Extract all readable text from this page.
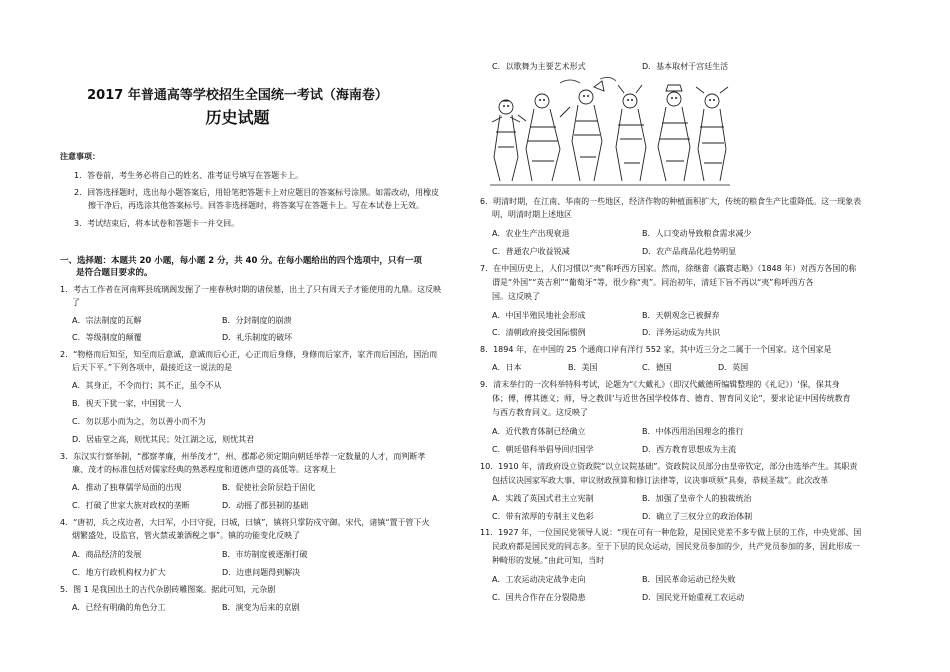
2017 年普通高等学校招生全国统一考试（海南卷）
历史试题
注意事项：
1．答卷前，考生务必将自己的姓名、准考证号填写在答题卡上。
2．回答选择题时，选出每小题答案后，用铅笔把答题卡上对应题目的答案标号涂黑。如需改动，用橡皮
擦干净后，再选涂其他答案标号。回答非选择题时，将答案写在答题卡上。写在本试卷上无效。
3．考试结束后，将本试卷和答题卡一并交回。
一、选择题：本题共 20 小题，每小题 2 分，共 40 分。在每小题给出的四个选项中，只有一项
是符合题目要求的。
1．考古工作者在河南辉县琉璃阁发掘了一座春秋时期的诸侯墓，出土了只有周天子才能使用的九鼎。这反映
了
A．宗法制度的瓦解	B．分封制度的崩溃
C．等级制度的颠覆	D．礼乐制度的破坏
2．“物格而后知至，知至而后意诚，意诚而后心正，心正而后身修，身修而后家齐，家齐而后国治，国治而
后天下平。”下列各项中，最接近这一说法的是
A．其身正，不令而行；其不正，虽令不从
B．视天下犹一家，中国犹一人
C．勿以恶小而为之，勿以善小而不为
D．居庙堂之高，则忧其民；处江湖之远，则忧其君
3．东汉实行察举制，“郡察孝廉，州举茂才”，州、郡都必须定期向朝廷举荐一定数量的人才，而判断孝
廉、茂才的标准包括对儒家经典的熟悉程度和道德声望的高低等。这客观上
A．推动了独尊儒学局面的出现	B．促使社会阶层趋于固化
C．打破了世家大族对政权的垄断	D．动摇了郡县制的基础
4．“唐初，兵之戍边者，大曰军，小曰守捉，曰城，曰镇”，镇将只掌防戍守御。宋代，诸镇“置于管下火
烟繁盛处，设监官，管火禁或兼酒税之事”。镇的功能变化反映了
A．商品经济的发展	B．市坊制度被逐渐打破
C．地方行政机构权力扩大	D．边患问题得到解决
5．图 1 是我国出土的古代杂剧砖雕图案。据此可知，元杂剧
A．已经有明确的角色分工	B．演变为后来的京剧
C．以歌舞为主要艺术形式	D．基本取材于宫廷生活
6．明清时期，在江南、华南的一些地区，经济作物的种植面积扩大，传统的粮食生产比重降低。这一现象表
明，明清时期上述地区
A．农业生产出现衰退	B．人口变动导致粮食需求减少
C．普通农户收益锐减	D．农产品商品化趋势明显
7．在中国历史上，人们习惯以“夷”称呼西方国家。然而，徐继畬《瀛寰志略》（1848 年）对西方各国的称
谓是“外国”“英吉利”“葡萄牙”等，很少称“夷”。同治初年，清廷下旨不再以“夷”称呼西方各
国。这反映了
A．中国半殖民地社会形成	B．天朝观念已被摒弃
C．清朝政府接受国际惯例	D．洋务运动成为共识
8．1894 年，在中国的 25 个通商口岸有洋行 552 家，其中近三分之二属于一个国家。这个国家是
A．日本	B．美国	C．德国	D．英国
9．清末举行的一次科举特科考试，论题为“《大戴礼》（即汉代戴德所编辑整理的《礼记》）‘保，保其身
体；傅，傅其德义；师，导之教训’与近世各国学校体育、德育、智育同义论”，要求论证中国传统教育
与西方教育同义。这反映了
A．近代教育体制已经确立	B．中体西用治国理念的推行
C．朝廷借科举倡导回归国学	D．西方教育思想成为主流
10．1910 年，清政府设立资政院“以立议院基础”。资政院议员部分由皇帝钦定，部分由选举产生。其职责
包括议决国家军政大事、审议财政预算和修订法律等，议决事项须“具奏，恭候圣裁”。此次改革
A．实践了英国式君主立宪制	B．加强了皇帝个人的独裁统治
C．带有浓厚的专制主义色彩	D．确立了三权分立的政治体制
11．1927 年，一位国民党领导人说：“现在可有一种危险，是国民党差不多专做上层的工作，中央党部、国
民政府都是国民党的同志多。至于下层的民众运动，国民党员参加的少，共产党员参加的多，因此形成一
种畸形的发展。”由此可知，当时
A．工农运动决定战争走向	B．国民革命运动已经失败
C．国共合作存在分裂隐患	D．国民党开始重视工农运动
